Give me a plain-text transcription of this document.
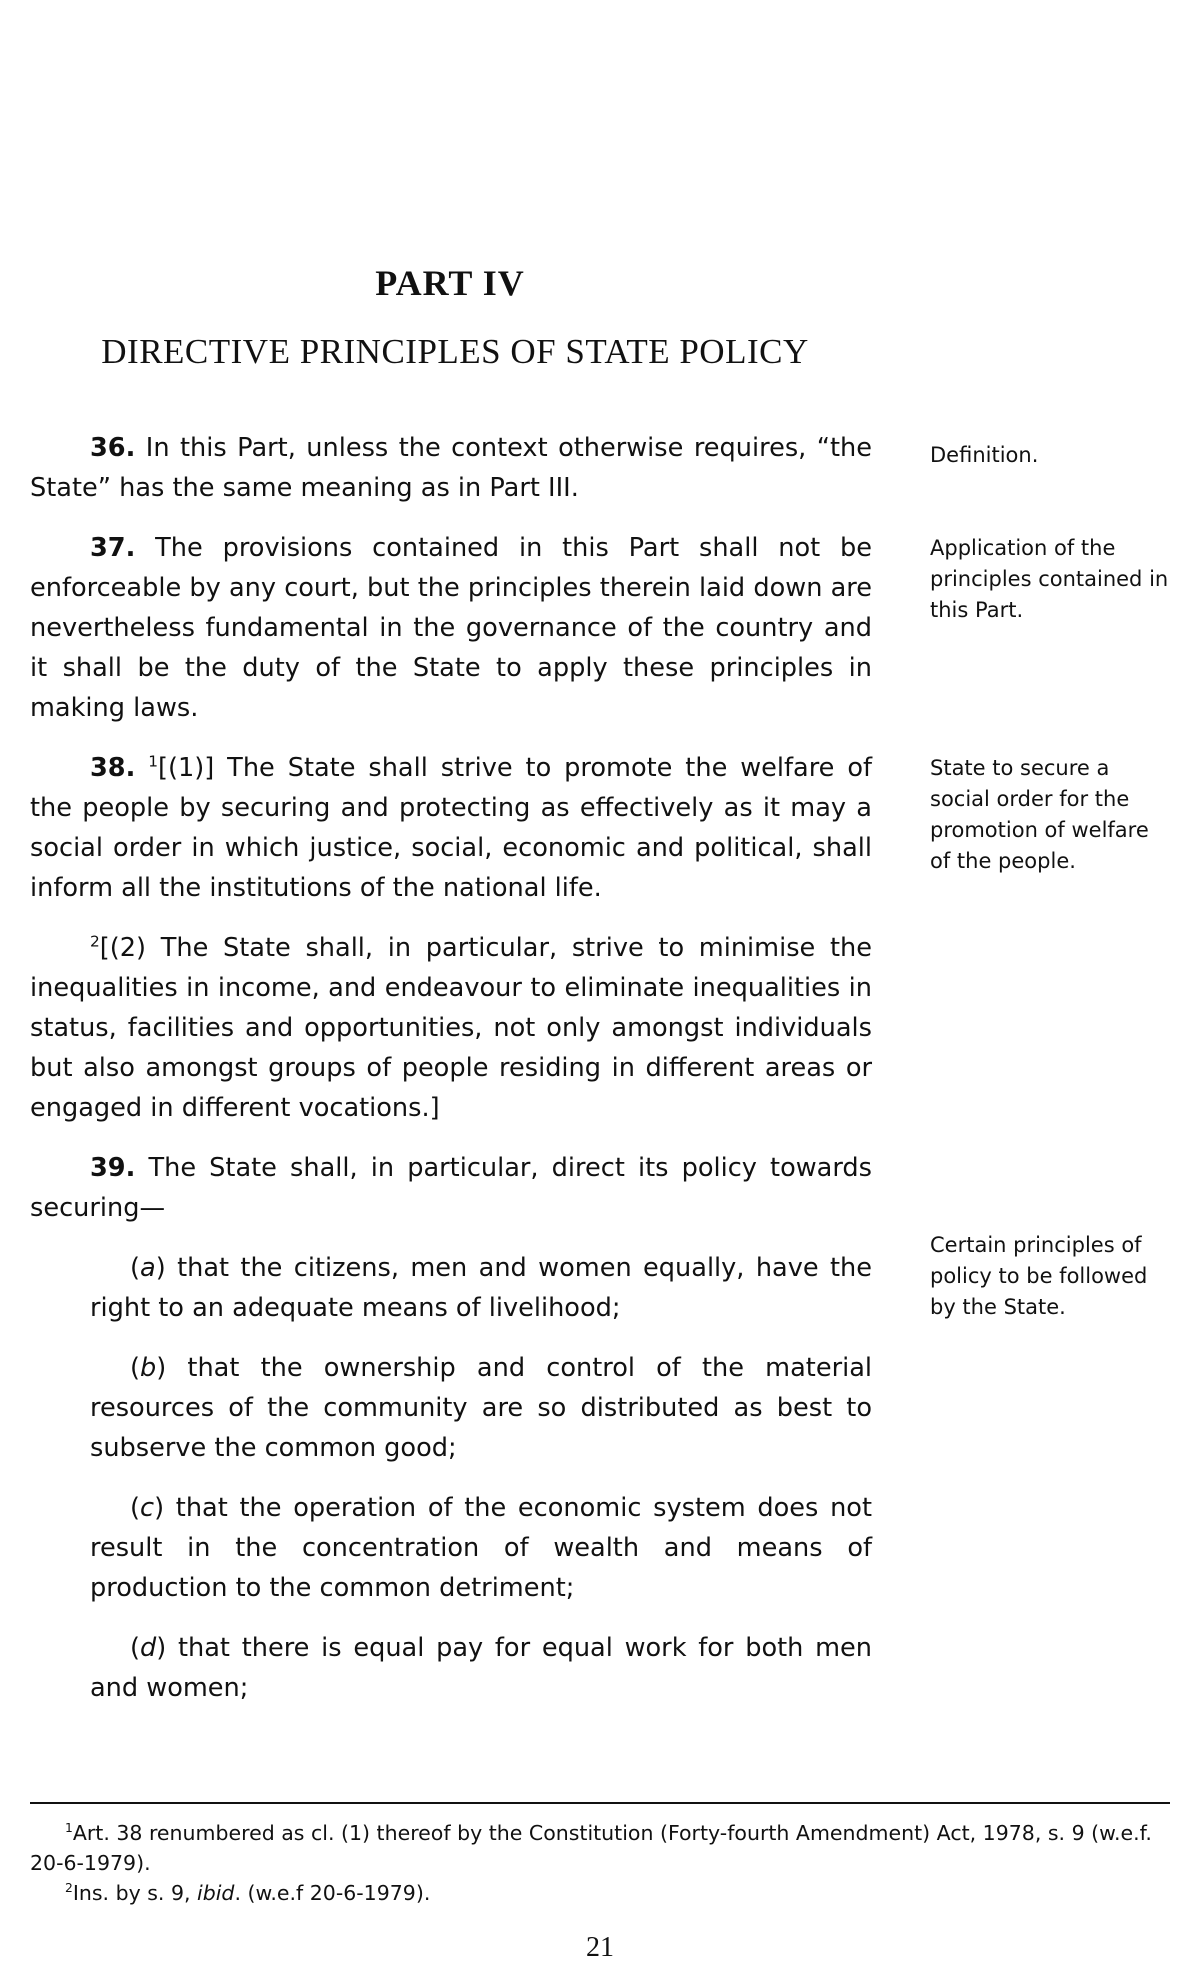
PART IV
DIRECTIVE PRINCIPLES OF STATE POLICY

36. In this Part, unless the context otherwise requires, “the State” has the same meaning as in Part III.

37. The provisions contained in this Part shall not be enforceable by any court, but the principles therein laid down are nevertheless fundamental in the governance of the country and it shall be the duty of the State to apply these principles in making laws.

38. $^1$[(1)] The State shall strive to promote the welfare of the people by securing and protecting as effectively as it may a social order in which justice, social, economic and political, shall inform all the institutions of the national life.

$^2$[(2) The State shall, in particular, strive to minimise the inequalities in income, and endeavour to eliminate inequalities in status, facilities and opportunities, not only amongst individuals but also amongst groups of people residing in different areas or engaged in different vocations.]

39. The State shall, in particular, direct its policy towards securing—

(a) that the citizens, men and women equally, have the right to an adequate means of livelihood;

(b) that the ownership and control of the material resources of the community are so distributed as best to subserve the common good;

(c) that the operation of the economic system does not result in the concentration of wealth and means of production to the common detriment;

(d) that there is equal pay for equal work for both men and women;

Definition.
Application of the principles contained in this Part.
State to secure a social order for the promotion of welfare of the people.
Certain principles of policy to be followed by the State.

$^1$Art. 38 renumbered as cl. (1) thereof by the Constitution (Forty-fourth Amendment) Act, 1978, s. 9 (w.e.f. 20-6-1979).

$^2$Ins. by s. 9, ibid. (w.e.f 20-6-1979).

21
